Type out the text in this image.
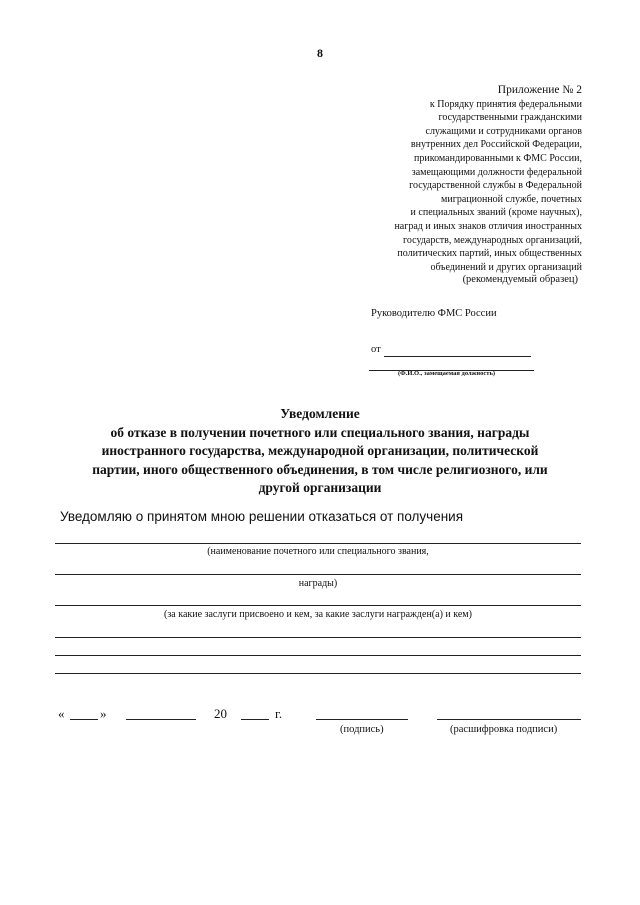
8
Приложение № 2
к Порядку принятия федеральными
государственными гражданскими
служащими и сотрудниками органов
внутренних дел Российской Федерации,
прикомандированными к ФМС России,
замещающими должности федеральной
государственной службы в Федеральной
миграционной службе, почетных
и специальных званий (кроме научных),
наград и иных знаков отличия иностранных
государств, международных организаций,
политических партий, иных общественных
объединений и других организаций
(рекомендуемый образец)
Руководителю ФМС России
от
(Ф.И.О., замещаемая должность)
Уведомление
об отказе в получении почетного или специального звания, награды
иностранного государства, международной организации, политической
партии, иного общественного объединения, в том числе религиозного, или
другой организации
Уведомляю о принятом мною решении отказаться от получения
(наименование почетного или специального звания,
награды)
(за какие заслуги присвоено и кем, за какие заслуги награжден(а) и кем)
«	»	20	г.
(подпись)	(расшифровка подписи)
